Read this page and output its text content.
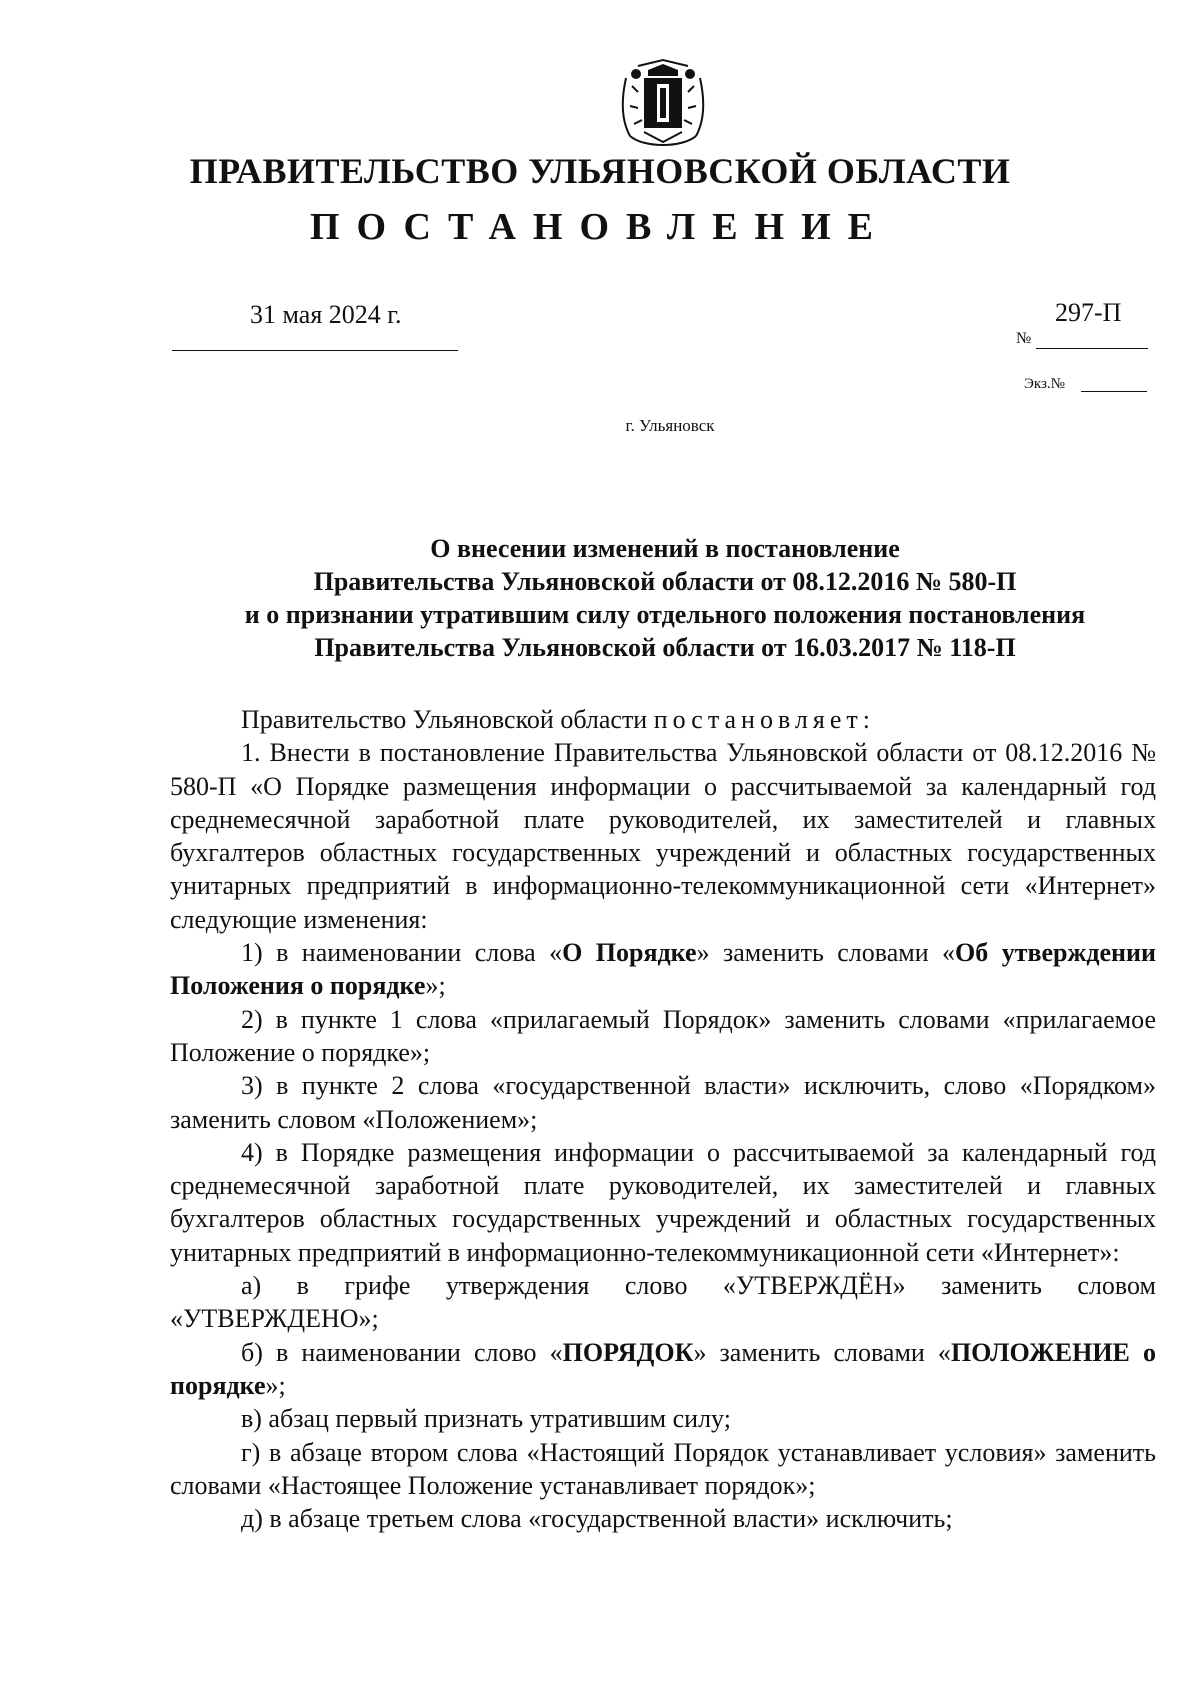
ПРАВИТЕЛЬСТВО УЛЬЯНОВСКОЙ ОБЛАСТИ
ПОСТАНОВЛЕНИЕ
31 мая 2024 г.	297-П
№
Экз.№
г. Ульяновск
О внесении изменений в постановление
Правительства Ульяновской области от 08.12.2016 № 580-П
и о признании утратившим силу отдельного положения постановления
Правительства Ульяновской области от 16.03.2017 № 118-П

Правительство Ульяновской области постановляет:

1. Внести в постановление Правительства Ульяновской области от 08.12.2016 № 580-П «О Порядке размещения информации о рассчитываемой за календарный год среднемесячной заработной плате руководителей, их заместителей и главных бухгалтеров областных государственных учреждений и областных государственных унитарных предприятий в информационно-телекоммуникационной сети «Интернет» следующие изменения:

1) в наименовании слова «О Порядке» заменить словами «Об утверждении Положения о порядке»;

2) в пункте 1 слова «прилагаемый Порядок» заменить словами «прилагаемое Положение о порядке»;

3) в пункте 2 слова «государственной власти» исключить, слово «Порядком» заменить словом «Положением»;

4) в Порядке размещения информации о рассчитываемой за календарный год среднемесячной заработной плате руководителей, их заместителей и главных бухгалтеров областных государственных учреждений и областных государственных унитарных предприятий в информационно-телекоммуникационной сети «Интернет»:

а) в грифе утверждения слово «УТВЕРЖДЁН» заменить словом «УТВЕРЖДЕНО»;

б) в наименовании слово «ПОРЯДОК» заменить словами «ПОЛОЖЕНИЕ о порядке»;

в) абзац первый признать утратившим силу;

г) в абзаце втором слова «Настоящий Порядок устанавливает условия» заменить словами «Настоящее Положение устанавливает порядок»;

д) в абзаце третьем слова «государственной власти» исключить;
